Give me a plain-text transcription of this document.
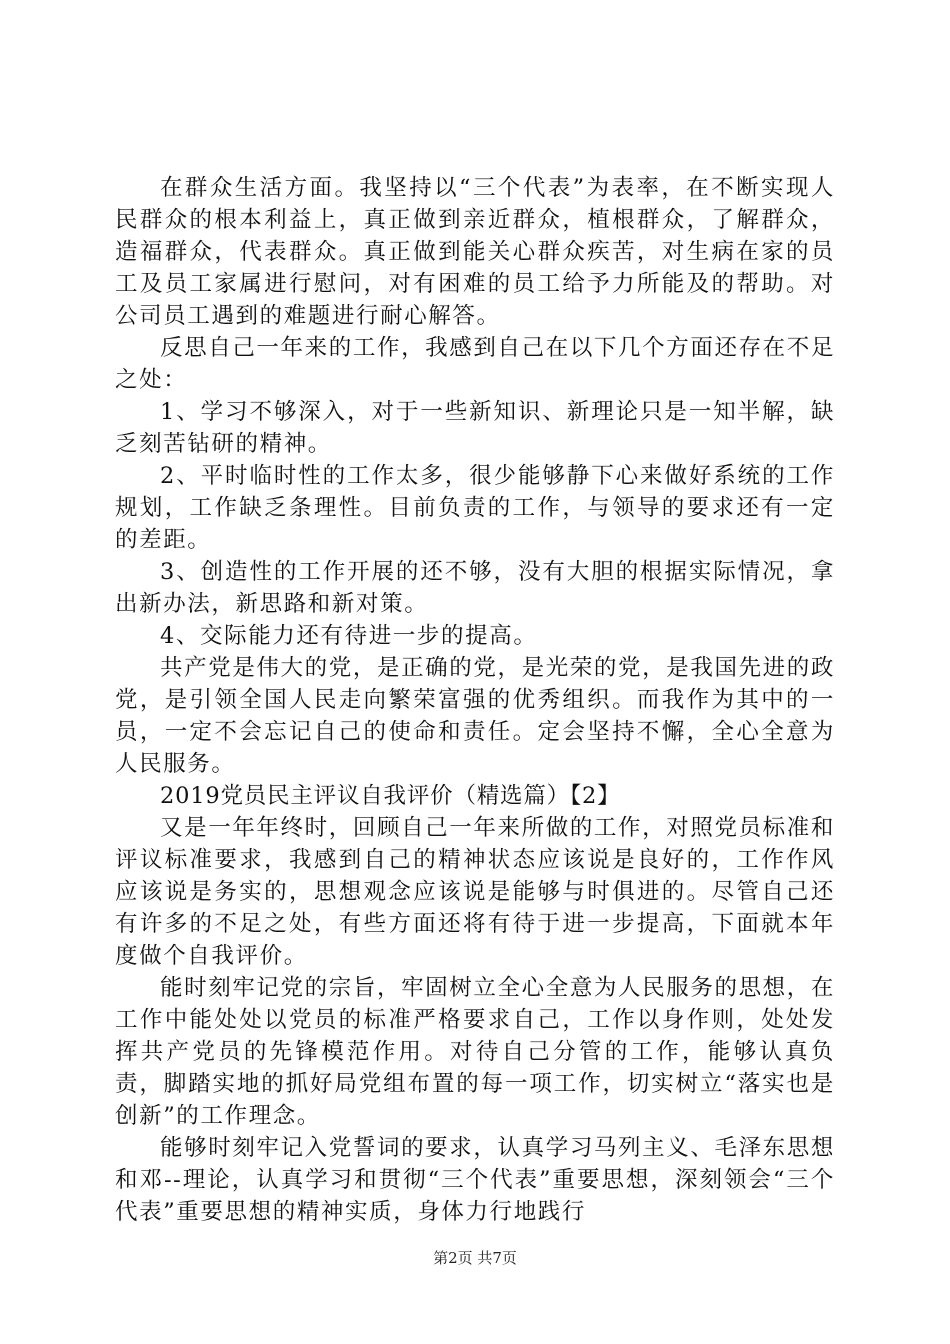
在群众生活方面。我坚持以“三个代表”为表率，在不断实现人民群众的根本利益上，真正做到亲近群众，植根群众，了解群众，造福群众，代表群众。真正做到能关心群众疾苦，对生病在家的员工及员工家属进行慰问，对有困难的员工给予力所能及的帮助。对公司员工遇到的难题进行耐心解答。

反思自己一年来的工作，我感到自己在以下几个方面还存在不足之处：

1、学习不够深入，对于一些新知识、新理论只是一知半解，缺乏刻苦钻研的精神。

2、平时临时性的工作太多，很少能够静下心来做好系统的工作规划，工作缺乏条理性。目前负责的工作，与领导的要求还有一定的差距。

3、创造性的工作开展的还不够，没有大胆的根据实际情况，拿出新办法，新思路和新对策。

4、交际能力还有待进一步的提高。

共产党是伟大的党，是正确的党，是光荣的党，是我国先进的政党，是引领全国人民走向繁荣富强的优秀组织。而我作为其中的一员，一定不会忘记自己的使命和责任。定会坚持不懈，全心全意为人民服务。

2019党员民主评议自我评价（精选篇）【2】

又是一年年终时，回顾自己一年来所做的工作，对照党员标准和评议标准要求，我感到自己的精神状态应该说是良好的，工作作风应该说是务实的，思想观念应该说是能够与时俱进的。尽管自己还有许多的不足之处，有些方面还将有待于进一步提高，下面就本年度做个自我评价。

能时刻牢记党的宗旨，牢固树立全心全意为人民服务的思想，在工作中能处处以党员的标准严格要求自己，工作以身作则，处处发挥共产党员的先锋模范作用。对待自己分管的工作，能够认真负责，脚踏实地的抓好局党组布置的每一项工作，切实树立“落实也是创新”的工作理念。

能够时刻牢记入党誓词的要求，认真学习马列主义、毛泽东思想和邓--理论，认真学习和贯彻“三个代表”重要思想，深刻领会“三个代表”重要思想的精神实质，身体力行地践行

第2页 共7页
